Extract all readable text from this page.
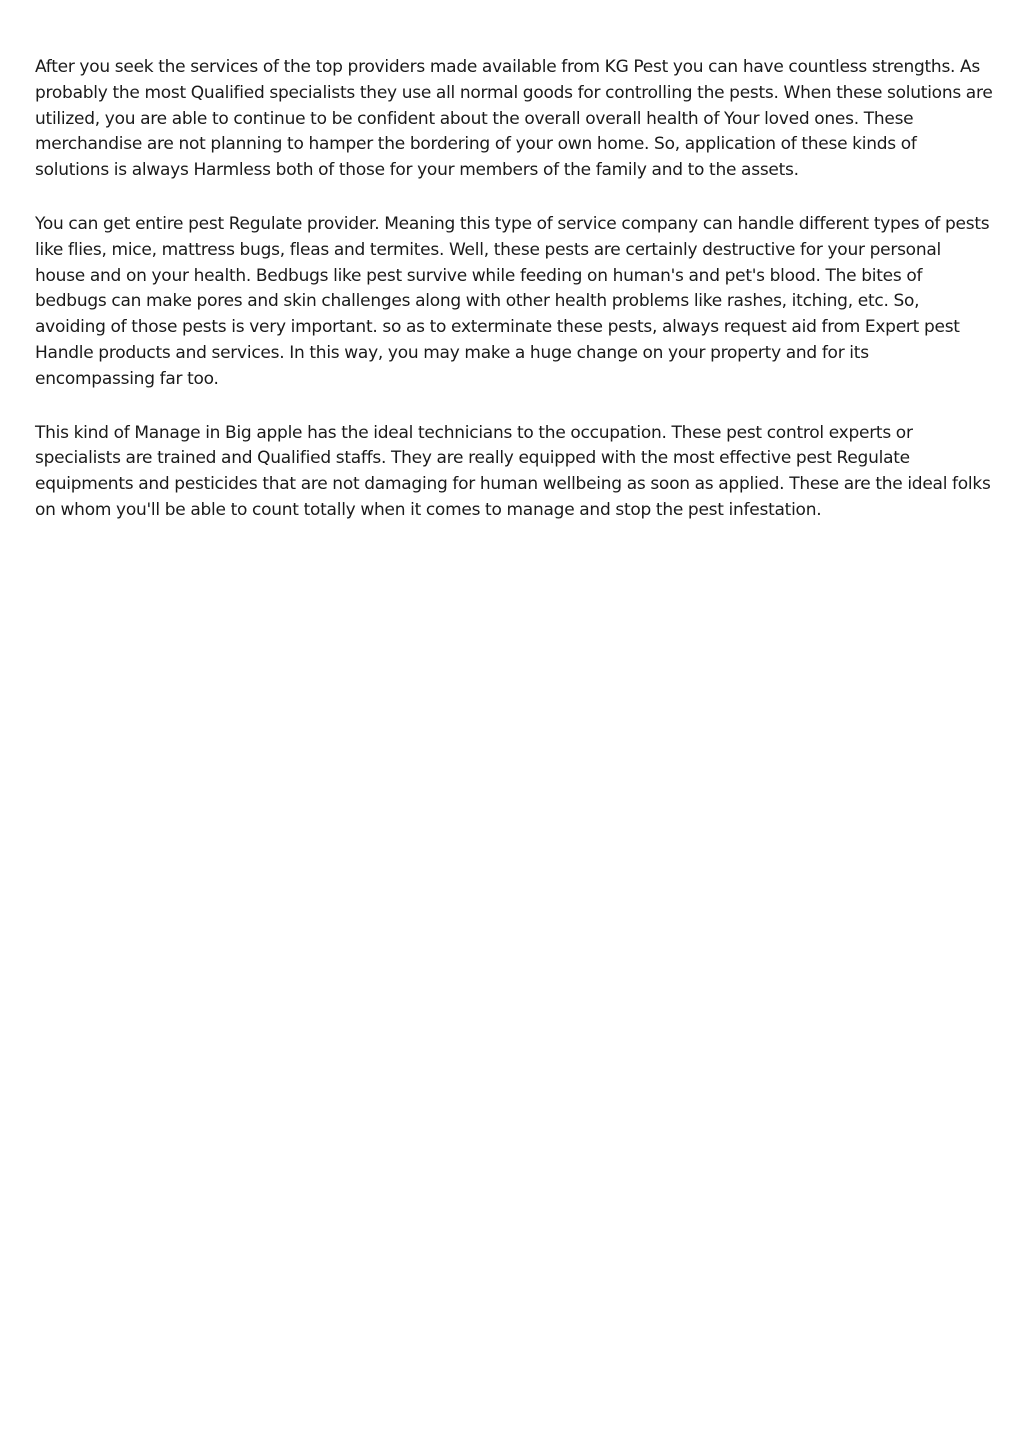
After you seek the services of the top providers made available from KG Pest you can have countless strengths. As probably the most Qualified specialists they use all normal goods for controlling the pests. When these solutions are utilized, you are able to continue to be confident about the overall overall health of Your loved ones. These merchandise are not planning to hamper the bordering of your own home. So, application of these kinds of solutions is always Harmless both of those for your members of the family and to the assets.

You can get entire pest Regulate provider. Meaning this type of service company can handle different types of pests like flies, mice, mattress bugs, fleas and termites. Well, these pests are certainly destructive for your personal house and on your health. Bedbugs like pest survive while feeding on human's and pet's blood. The bites of bedbugs can make pores and skin challenges along with other health problems like rashes, itching, etc. So, avoiding of those pests is very important. so as to exterminate these pests, always request aid from Expert pest Handle products and services. In this way, you may make a huge change on your property and for its encompassing far too.

This kind of Manage in Big apple has the ideal technicians to the occupation. These pest control experts or specialists are trained and Qualified staffs. They are really equipped with the most effective pest Regulate equipments and pesticides that are not damaging for human wellbeing as soon as applied. These are the ideal folks on whom you'll be able to count totally when it comes to manage and stop the pest infestation.
